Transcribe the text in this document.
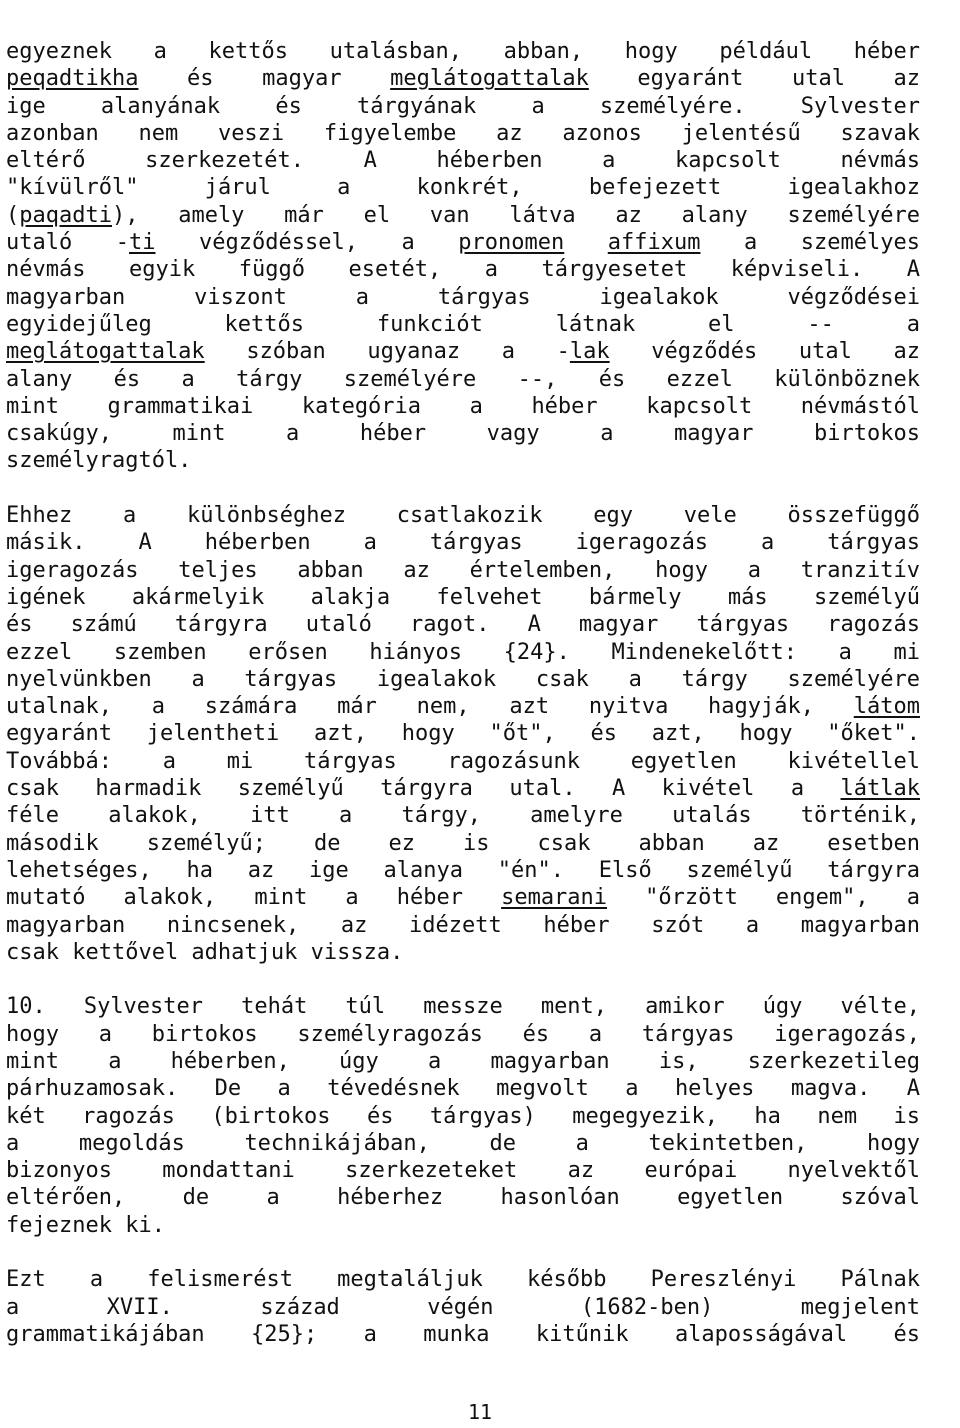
egyeznek a kettős utalásban, abban, hogy például héber
peqadtikha és magyar meglátogattalak egyaránt utal az
ige alanyának és tárgyának a személyére. Sylvester
azonban nem veszi figyelembe az azonos jelentésű szavak
eltérő szerkezetét. A héberben a kapcsolt névmás
"kívülről" járul a konkrét, befejezett igealakhoz
(paqadti), amely már el van látva az alany személyére
utaló -ti végződéssel, a pronomen affixum a személyes
névmás egyik függő esetét, a tárgyesetet képviseli. A
magyarban viszont a tárgyas igealakok végződései
egyidejűleg kettős funkciót látnak el -- a
meglátogattalak szóban ugyanaz a -lak végződés utal az
alany és a tárgy személyére --, és ezzel különböznek
mint grammatikai kategória a héber kapcsolt névmástól
csakúgy, mint a héber vagy a magyar birtokos
személyragtól.
Ehhez a különbséghez csatlakozik egy vele összefüggő
másik. A héberben a tárgyas igeragozás a tárgyas
igeragozás teljes abban az értelemben, hogy a tranzitív
igének akármelyik alakja felvehet bármely más személyű
és számú tárgyra utaló ragot. A magyar tárgyas ragozás
ezzel szemben erősen hiányos {24}. Mindenekelőtt: a mi
nyelvünkben a tárgyas igealakok csak a tárgy személyére
utalnak, a számára már nem, azt nyitva hagyják, látom
egyaránt jelentheti azt, hogy "őt", és azt, hogy "őket".
Továbbá: a mi tárgyas ragozásunk egyetlen kivétellel
csak harmadik személyű tárgyra utal. A kivétel a látlak
féle alakok, itt a tárgy, amelyre utalás történik,
második személyű; de ez is csak abban az esetben
lehetséges, ha az ige alanya "én". Első személyű tárgyra
mutató alakok, mint a héber semarani "őrzött engem", a
magyarban nincsenek, az idézett héber szót a magyarban
csak kettővel adhatjuk vissza.
10. Sylvester tehát túl messze ment, amikor úgy vélte,
hogy a birtokos személyragozás és a tárgyas igeragozás,
mint a héberben, úgy a magyarban is, szerkezetileg
párhuzamosak. De a tévedésnek megvolt a helyes magva. A
két ragozás (birtokos és tárgyas) megegyezik, ha nem is
a megoldás technikájában, de a tekintetben, hogy
bizonyos mondattani szerkezeteket az európai nyelvektől
eltérően, de a héberhez hasonlóan egyetlen szóval
fejeznek ki.
Ezt a felismerést megtaláljuk később Pereszlényi Pálnak
a XVII. század végén (1682-ben) megjelent
grammatikájában {25}; a munka kitűnik alaposságával és
11
